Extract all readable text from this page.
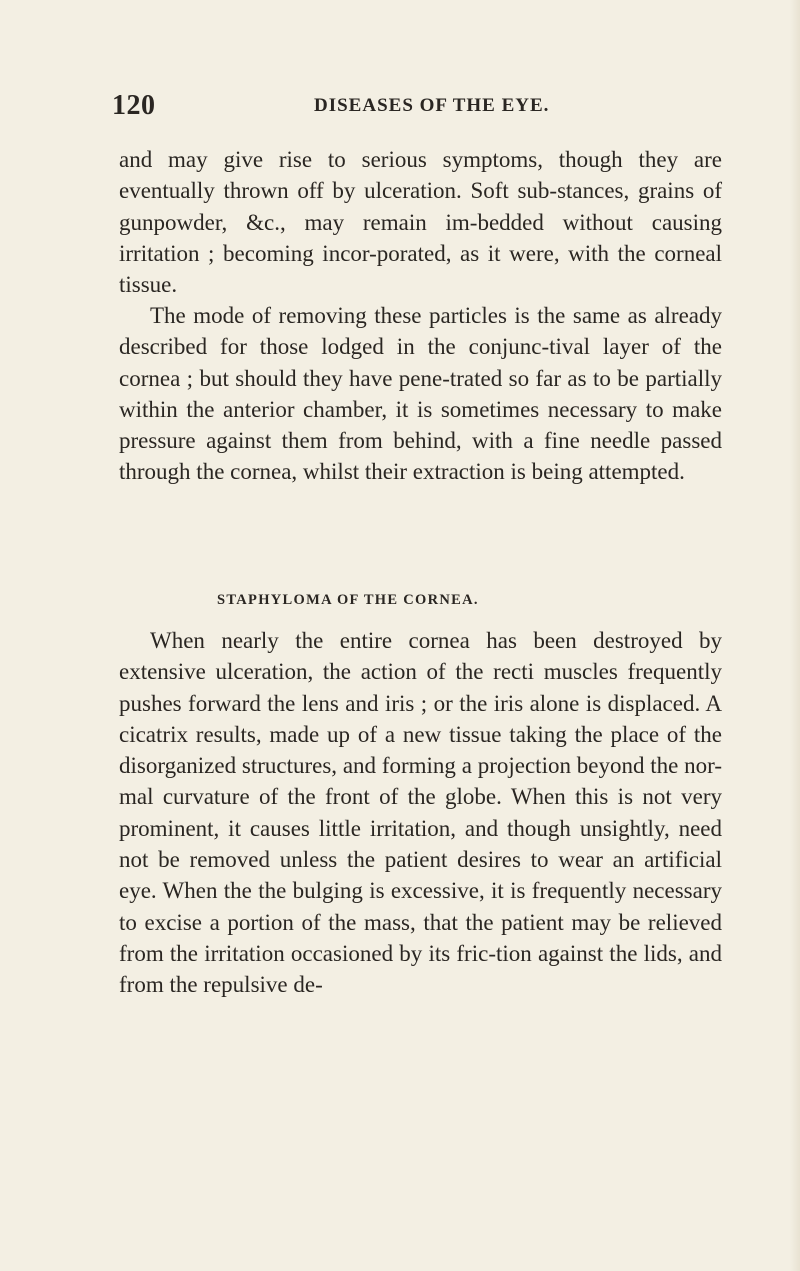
120	DISEASES OF THE EYE.

and may give rise to serious symptoms, though they are eventually thrown off by ulceration. Soft sub-stances, grains of gunpowder, &c., may remain im-bedded without causing irritation ; becoming incor-porated, as it were, with the corneal tissue.

The mode of removing these particles is the same as already described for those lodged in the conjunc-tival layer of the cornea ; but should they have pene-trated so far as to be partially within the anterior chamber, it is sometimes necessary to make pressure against them from behind, with a fine needle passed through the cornea, whilst their extraction is being attempted.

STAPHYLOMA OF THE CORNEA.

When nearly the entire cornea has been destroyed by extensive ulceration, the action of the recti muscles frequently pushes forward the lens and iris ; or the iris alone is displaced. A cicatrix results, made up of a new tissue taking the place of the disorganized structures, and forming a projection beyond the nor-mal curvature of the front of the globe. When this is not very prominent, it causes little irritation, and though unsightly, need not be removed unless the patient desires to wear an artificial eye. When the the bulging is excessive, it is frequently necessary to excise a portion of the mass, that the patient may be relieved from the irritation occasioned by its fric-tion against the lids, and from the repulsive de-
